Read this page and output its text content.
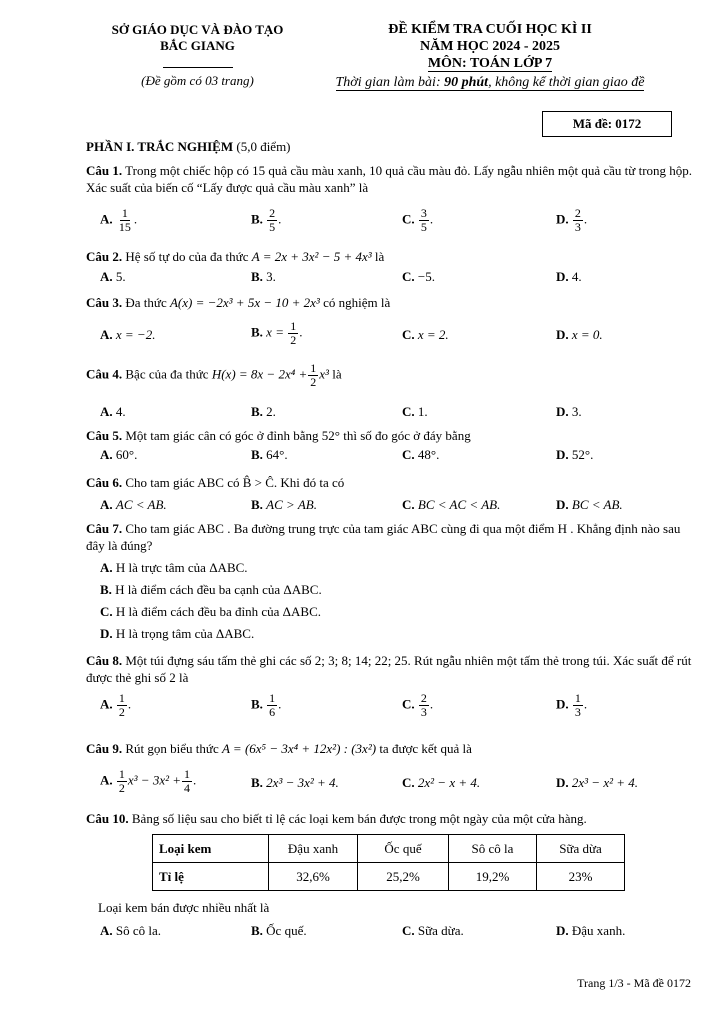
SỞ GIÁO DỤC VÀ ĐÀO TẠO
BẮC GIANG
(Đề gồm có 03 trang)
ĐỀ KIỂM TRA CUỐI HỌC KÌ II
NĂM HỌC 2024 - 2025
MÔN: TOÁN LỚP 7
Thời gian làm bài: 90 phút, không kể thời gian giao đề
Mã đề: 0172
PHẦN I. TRẮC NGHIỆM (5,0 điểm)
Câu 1. Trong một chiếc hộp có 15 quả cầu màu xanh, 10 quả cầu màu đỏ. Lấy ngẫu nhiên một quả cầu từ trong hộp. Xác suất của biến cố “Lấy được quả cầu màu xanh” là
A. $\frac{1}{15}$ .	B. $\frac{2}{5}$ .	C. $\frac{3}{5}$ .	D. $\frac{2}{3}$ .
Câu 2. Hệ số tự do của đa thức A = 2x + 3x² − 5 + 4x³ là
A. 5.	B. 3.	C. −5.	D. 4.
Câu 3. Đa thức A(x) = −2x³ + 5x − 10 + 2x³ có nghiệm là
A. x = −2.	B. $x = \frac{1}{2}$ .	C. x = 2.	D. x = 0.
Câu 4. Bậc của đa thức $H(x) = 8x - 2x^4 + \frac{1}{2} x^3$ là
A. 4.	B. 2.	C. 1.	D. 3.
Câu 5. Một tam giác cân có góc ở đỉnh bằng 52° thì số đo góc ở đáy bằng
A. 60°.	B. 64°.	C. 48°.	D. 52°.
Câu 6. Cho tam giác ABC có B̂ > Ĉ. Khi đó ta có
A. AC < AB.	B. AC > AB.	C. BC < AC < AB.	D. BC < AB.
Câu 7. Cho tam giác ABC . Ba đường trung trực của tam giác ABC cùng đi qua một điểm H . Khẳng định nào sau đây là đúng?
A. H là trực tâm của ΔABC.
B. H là điểm cách đều ba cạnh của ΔABC.
C. H là điểm cách đều ba đỉnh của ΔABC.
D. H là trọng tâm của ΔABC.
Câu 8. Một túi đựng sáu tấm thẻ ghi các số 2; 3; 8; 14; 22; 25. Rút ngẫu nhiên một tấm thẻ trong túi. Xác suất để rút được thẻ ghi số 2 là
A. $\frac{1}{2}$ .	B. $\frac{1}{6}$ .	C. $\frac{2}{3}$ .	D. $\frac{1}{3}$ .
Câu 9. Rút gọn biểu thức A = (6x⁵ − 3x⁴ + 12x²) : (3x²) ta được kết quả là
A. $\frac{1}{2} x^3 - 3x^2 + \frac{1}{4}$ .	B. 2x³ − 3x² + 4.	C. 2x² − x + 4.	D. 2x³ − x² + 4.
Câu 10. Bảng số liệu sau cho biết tỉ lệ các loại kem bán được trong một ngày của một cửa hàng.
Loại kem	Đậu xanh	Ốc quế	Sô cô la	Sữa dừa
Tỉ lệ	32,6%	25,2%	19,2%	23%
Loại kem bán được nhiều nhất là
A. Sô cô la.	B. Ốc quế.	C. Sữa dừa.	D. Đậu xanh.
Trang 1/3 - Mã đề 0172
